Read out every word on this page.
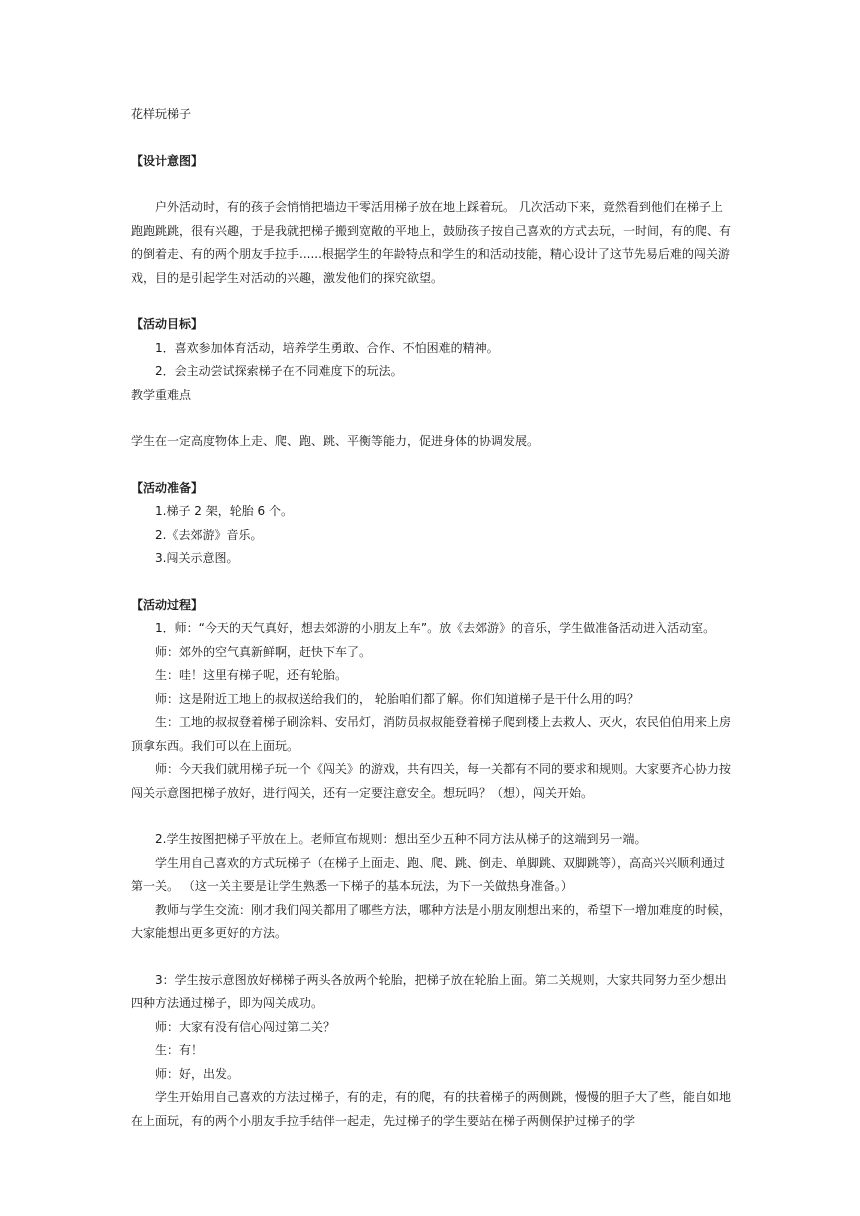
花样玩梯子

【设计意图】

户外活动时，有的孩子会悄悄把墙边干零活用梯子放在地上踩着玩。 几次活动下来，竟然看到他们在梯子上跑跑跳跳，很有兴趣，于是我就把梯子搬到宽敞的平地上，鼓励孩子按自己喜欢的方式去玩，一时间，有的爬、有的倒着走、有的两个朋友手拉手......根据学生的年龄特点和学生的和活动技能，精心设计了这节先易后难的闯关游戏，目的是引起学生对活动的兴趣，激发他们的探究欲望。

【活动目标】

1．喜欢参加体育活动，培养学生勇敢、合作、不怕困难的精神。

2．会主动尝试探索梯子在不同难度下的玩法。

教学重难点

学生在一定高度物体上走、爬、跑、跳、平衡等能力，促进身体的协调发展。

【活动准备】

1.梯子 2 架，轮胎 6 个。

2.《去郊游》音乐。

3.闯关示意图。

【活动过程】

1．师：“今天的天气真好，想去郊游的小朋友上车”。放《去郊游》的音乐，学生做准备活动进入活动室。

师：郊外的空气真新鲜啊，赶快下车了。

生：哇！这里有梯子呢，还有轮胎。

师：这是附近工地上的叔叔送给我们的， 轮胎咱们都了解。你们知道梯子是干什么用的吗？

生：工地的叔叔登着梯子刷涂料、安吊灯，消防员叔叔能登着梯子爬到楼上去救人、灭火，农民伯伯用来上房顶拿东西。我们可以在上面玩。

师：今天我们就用梯子玩一个《闯关》的游戏，共有四关，每一关都有不同的要求和规则。大家要齐心协力按闯关示意图把梯子放好，进行闯关，还有一定要注意安全。想玩吗？（想），闯关开始。

2.学生按图把梯子平放在上。老师宣布规则：想出至少五种不同方法从梯子的这端到另一端。

学生用自己喜欢的方式玩梯子（在梯子上面走、跑、爬、跳、倒走、单脚跳、双脚跳等），高高兴兴顺利通过第一关。 （这一关主要是让学生熟悉一下梯子的基本玩法，为下一关做热身准备。）

教师与学生交流：刚才我们闯关都用了哪些方法，哪种方法是小朋友刚想出来的，希望下一增加难度的时候，大家能想出更多更好的方法。

3：学生按示意图放好梯梯子两头各放两个轮胎，把梯子放在轮胎上面。第二关规则，大家共同努力至少想出四种方法通过梯子，即为闯关成功。

师：大家有没有信心闯过第二关？

生：有！

师：好，出发。

学生开始用自己喜欢的方法过梯子，有的走，有的爬，有的扶着梯子的两侧跳，慢慢的胆子大了些，能自如地在上面玩，有的两个小朋友手拉手结伴一起走，先过梯子的学生要站在梯子两侧保护过梯子的学
